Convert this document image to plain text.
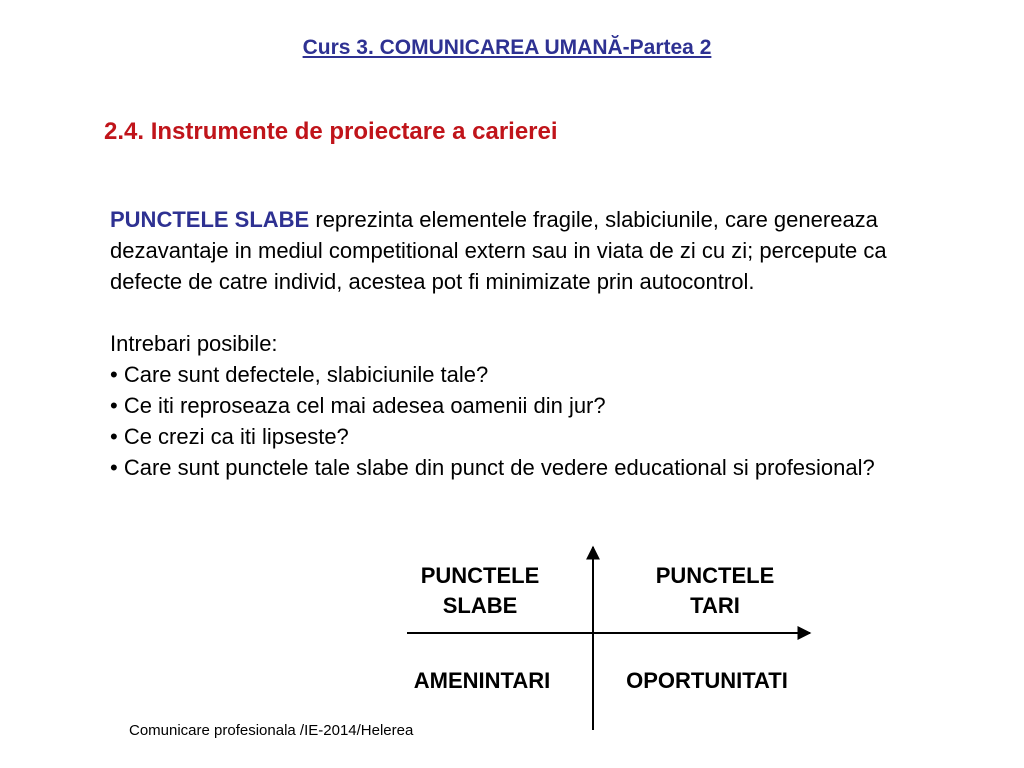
Curs 3. COMUNICAREA UMANĂ-Partea 2
2.4. Instrumente de proiectare a carierei

PUNCTELE SLABE reprezinta elementele fragile, slabiciunile, care genereaza dezavantaje in mediul competitional extern sau in viata de zi cu zi; percepute ca defecte de catre individ, acestea pot fi minimizate prin autocontrol.

Intrebari posibile:

• Care sunt defectele, slabiciunile tale?

• Ce iti reproseaza cel mai adesea oamenii din jur?

• Ce crezi ca iti lipseste?

• Care sunt punctele tale slabe din punct de vedere educational si profesional?

PUNCTELE
SLABE
PUNCTELE
TARI
AMENINTARI	OPORTUNITATI
Comunicare profesionala /IE-2014/Helerea
